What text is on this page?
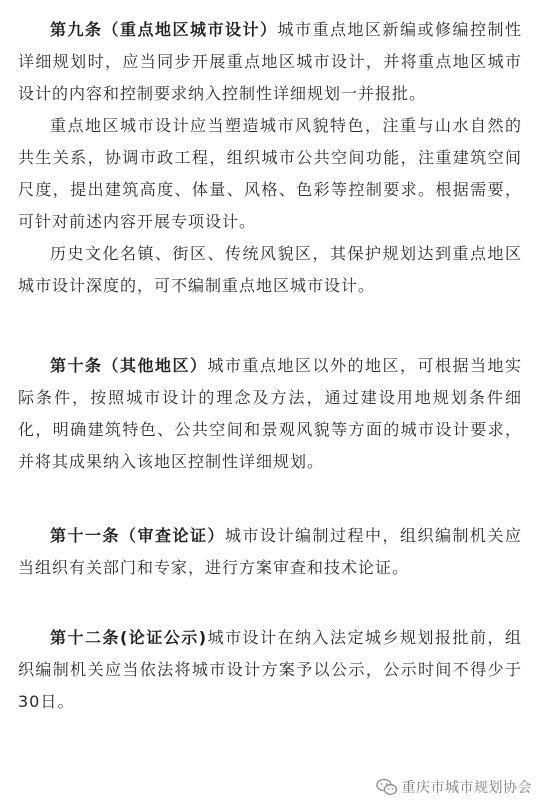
第九条（重点地区城市设计）城市重点地区新编或修编控制性详细规划时，应当同步开展重点地区城市设计，并将重点地区城市设计的内容和控制要求纳入控制性详细规划一并报批。

重点地区城市设计应当塑造城市风貌特色，注重与山水自然的共生关系，协调市政工程，组织城市公共空间功能，注重建筑空间尺度，提出建筑高度、体量、风格、色彩等控制要求。根据需要，可针对前述内容开展专项设计。

历史文化名镇、街区、传统风貌区，其保护规划达到重点地区城市设计深度的，可不编制重点地区城市设计。

第十条（其他地区）城市重点地区以外的地区，可根据当地实际条件，按照城市设计的理念及方法，通过建设用地规划条件细化，明确建筑特色、公共空间和景观风貌等方面的城市设计要求，并将其成果纳入该地区控制性详细规划。

第十一条（审查论证）城市设计编制过程中，组织编制机关应当组织有关部门和专家，进行方案审查和技术论证。

第十二条(论证公示)城市设计在纳入法定城乡规划报批前，组织编制机关应当依法将城市设计方案予以公示，公示时间不得少于30日。

重庆市城市规划协会
